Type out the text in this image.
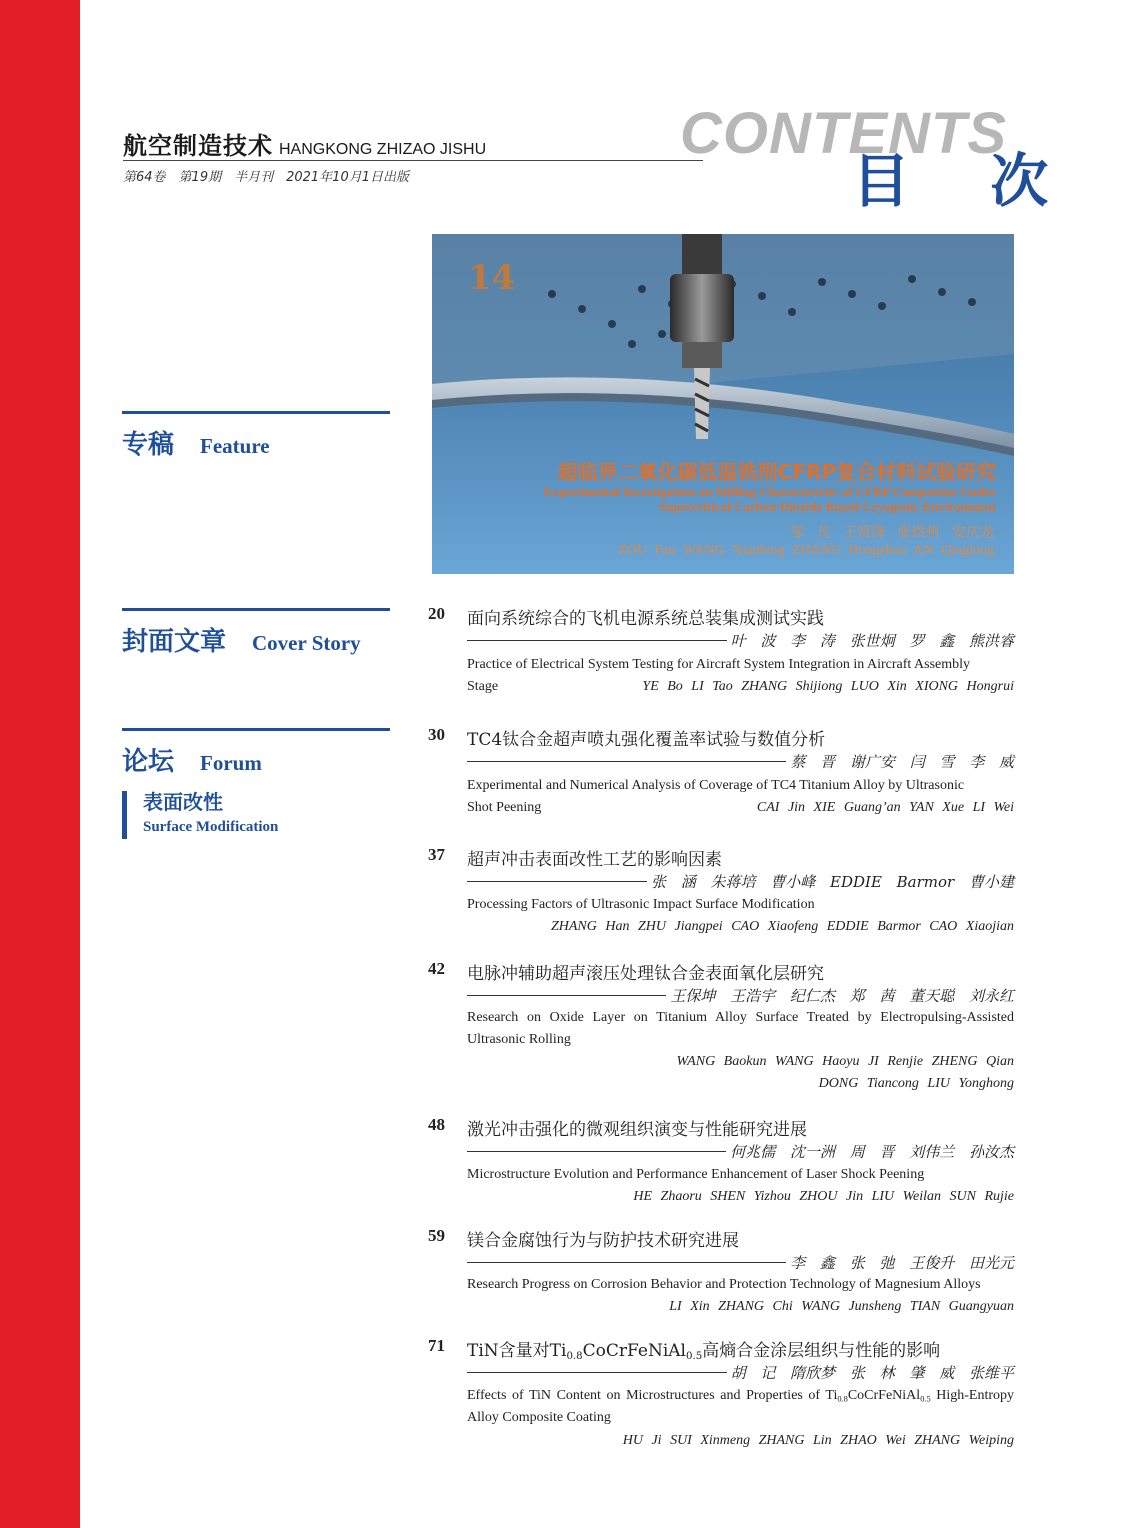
航空制造技术 HANGKONG ZHIZAO JISHU
第64卷　第19期　半月刊　2021年10月1日出版
CONTENTS
目 次
14
超临界二氧化碳低温铣削CFRP复合材料试验研究
Experimental Investigation on Milling Characteristic of CFRP Composites Under Supercritical Carbon Dioxide Based Cryogenic Environment
邹 凡 王贤锋 张烘州 安庆龙
ZOU Fan WANG Xianfeng ZHANG Hongzhou AN Qinglong
专稿 Feature
封面文章 Cover Story
论坛 Forum
表面改性
Surface Modification
20 面向系统综合的飞机电源系统总装集成测试实践
叶 波 李 涛 张世炯 罗 鑫 熊洪睿
Practice of Electrical System Testing for Aircraft System Integration in Aircraft Assembly
Stage	YE Bo LI Tao ZHANG Shijiong LUO Xin XIONG Hongrui
30 TC4钛合金超声喷丸强化覆盖率试验与数值分析
蔡 晋 谢广安 闫 雪 李 威
Experimental and Numerical Analysis of Coverage of TC4 Titanium Alloy by Ultrasonic
Shot Peening	CAI Jin XIE Guang’an YAN Xue LI Wei
37 超声冲击表面改性工艺的影响因素
张 涵 朱蒋培 曹小峰 EDDIE Barmor 曹小建
Processing Factors of Ultrasonic Impact Surface Modification
ZHANG Han ZHU Jiangpei CAO Xiaofeng EDDIE Barmor CAO Xiaojian
42 电脉冲辅助超声滚压处理钛合金表面氧化层研究
王保坤 王浩宇 纪仁杰 郑 茜 董天聪 刘永红
Research on Oxide Layer on Titanium Alloy Surface Treated by Electropulsing-Assisted Ultrasonic Rolling
WANG Baokun WANG Haoyu JI Renjie ZHENG Qian
DONG Tiancong LIU Yonghong
48 激光冲击强化的微观组织演变与性能研究进展
何兆儒 沈一洲 周 晋 刘伟兰 孙汝杰
Microstructure Evolution and Performance Enhancement of Laser Shock Peening
HE Zhaoru SHEN Yizhou ZHOU Jin LIU Weilan SUN Rujie
59 镁合金腐蚀行为与防护技术研究进展
李 鑫 张 弛 王俊升 田光元
Research Progress on Corrosion Behavior and Protection Technology of Magnesium Alloys
LI Xin ZHANG Chi WANG Junsheng TIAN Guangyuan
71 TiN含量对$Ti_{0.8}CoCrFeNiAl_{0.5}$高熵合金涂层组织与性能的影响
胡 记 隋欣梦 张 林 肇 威 张维平
Effects of TiN Content on Microstructures and Properties of $Ti_{0.8}CoCrFeNiAl_{0.5}$ High-Entropy Alloy Composite Coating
HU Ji SUI Xinmeng ZHANG Lin ZHAO Wei ZHANG Weiping
